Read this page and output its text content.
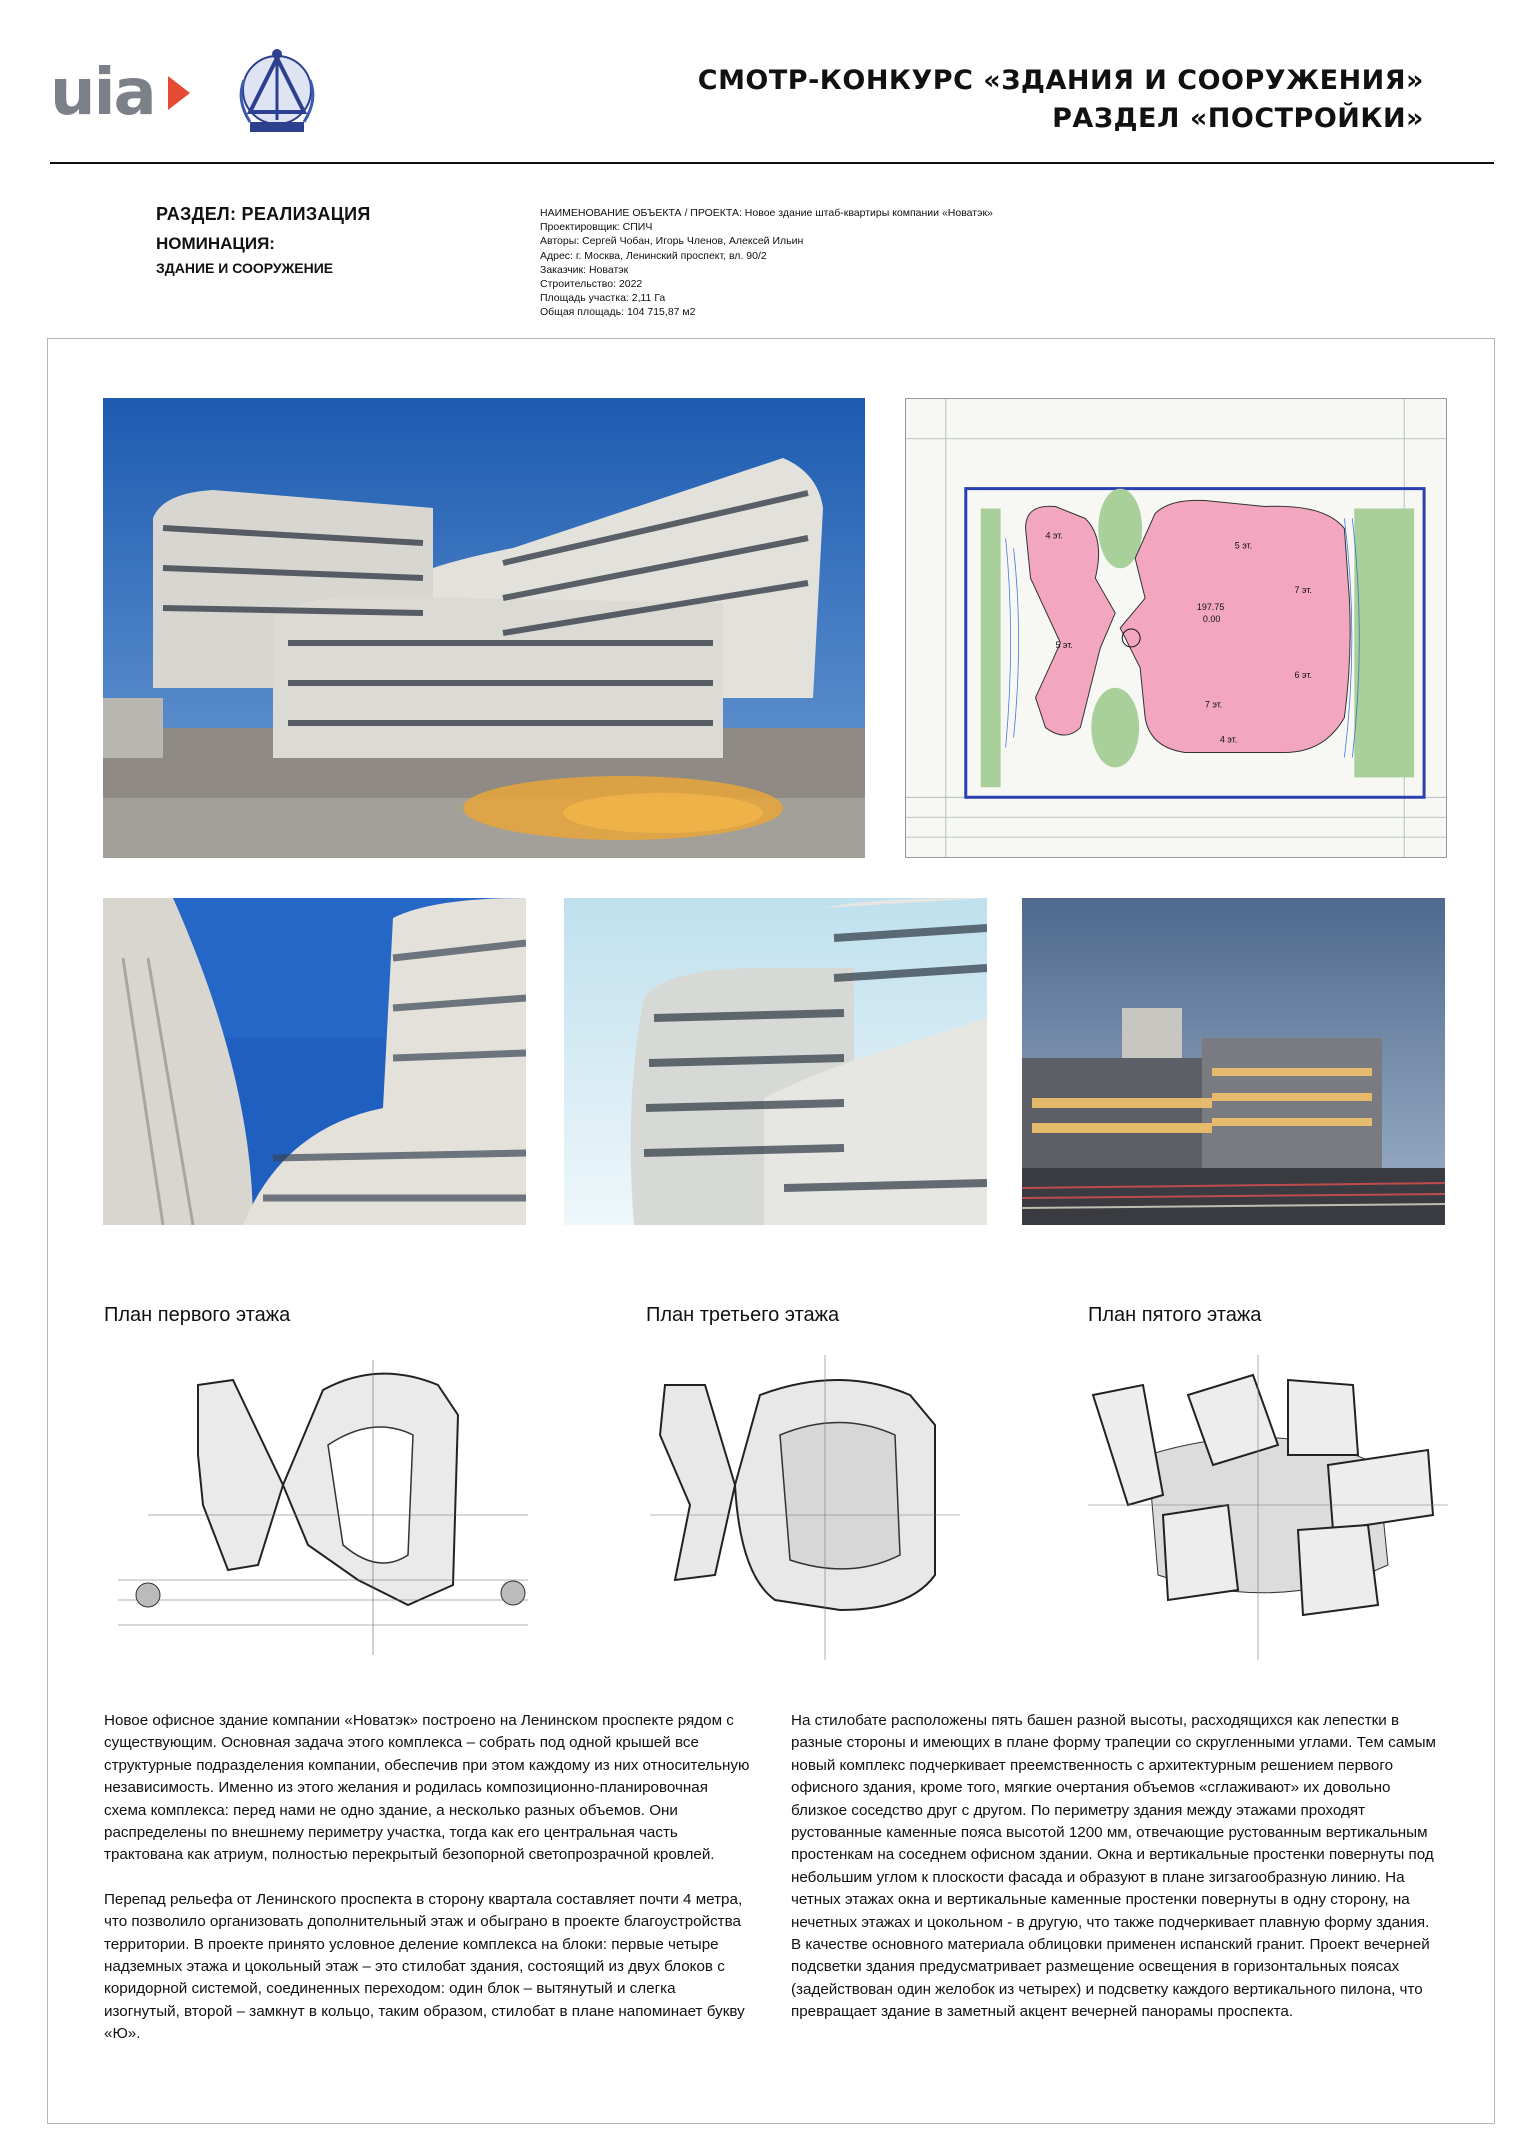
uia	СМОТР-КОНКУРС «ЗДАНИЯ И СООРУЖЕНИЯ»
РАЗДЕЛ «ПОСТРОЙКИ»
РАЗДЕЛ: РЕАЛИЗАЦИЯ
НОМИНАЦИЯ:
ЗДАНИЕ И СООРУЖЕНИЕ
НАИМЕНОВАНИЕ ОБЪЕКТА / ПРОЕКТА: Новое здание штаб-квартиры компании «Новатэк»
Проектировщик: СПИЧ
Авторы: Сергей Чобан, Игорь Членов, Алексей Ильин
Адрес: г. Москва, Ленинский проспект, вл. 90/2
Заказчик: Новатэк
Строительство: 2022
Площадь участка: 2,11 Га
Общая площадь: 104 715,87 м2
197.75
0.00
4 эт.
5 эт.
7 эт.
5 эт.
6 эт.
7 эт.
4 эт.
План первого этажа	План третьего этажа	План пятого этажа

Новое офисное здание компании «Новатэк» построено на Ленинском проспекте рядом с существующим. Основная задача этого комплекса – собрать под одной крышей все структурные подразделения компании, обеспечив при этом каждому из них относительную независимость. Именно из этого желания и родилась композиционно-планировочная схема комплекса: перед нами не одно здание, а несколько разных объемов. Они распределены по внешнему периметру участка, тогда как его центральная часть трактована как атриум, полностью перекрытый безопорной светопрозрачной кровлей.

Перепад рельефа от Ленинского проспекта в сторону квартала составляет почти 4 метра, что позволило организовать дополнительный этаж и обыграно в проекте благоустройства территории. В проекте принято условное деление комплекса на блоки: первые четыре надземных этажа и цокольный этаж – это стилобат здания, состоящий из двух блоков с коридорной системой, соединенных переходом: один блок – вытянутый и слегка изогнутый, второй – замкнут в кольцо, таким образом, стилобат в плане напоминает букву «Ю».

На стилобате расположены пять башен разной высоты, расходящихся как лепестки в разные стороны и имеющих в плане форму трапеции со скругленными углами. Тем самым новый комплекс подчеркивает преемственность с архитектурным решением первого офисного здания, кроме того, мягкие очертания объемов «сглаживают» их довольно близкое соседство друг с другом. По периметру здания между этажами проходят рустованные каменные пояса высотой 1200 мм, отвечающие рустованным вертикальным простенкам на соседнем офисном здании. Окна и вертикальные простенки повернуты под небольшим углом к плоскости фасада и образуют в плане зигзагообразную линию. На четных этажах окна и вертикальные каменные простенки повернуты в одну сторону, на нечетных этажах и цокольном - в другую, что также подчеркивает плавную форму здания. В качестве основного материала облицовки применен испанский гранит. Проект вечерней подсветки здания предусматривает размещение освещения в горизонтальных поясах (задействован один желобок из четырех) и подсветку каждого вертикального пилона, что превращает здание в заметный акцент вечерней панорамы проспекта.
